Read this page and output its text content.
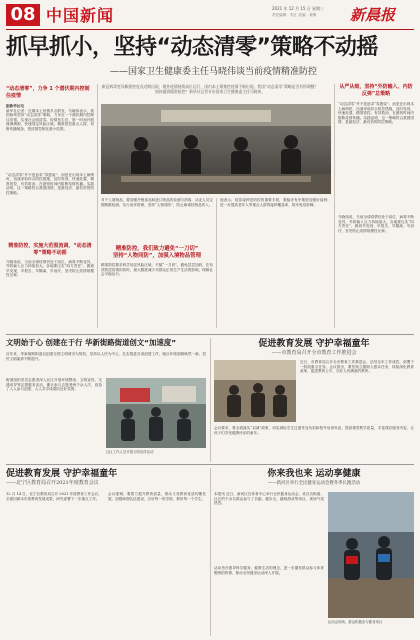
08 中国新闻	2021 年 12 月 15 日 星期三
责任编辑：朱红 美编：姜梅 新晨报
抓早抓小，坚持“动态清零”策略不动摇
——国家卫生健康委主任马晓伟谈当前疫情精准防控
新冠病毒变异株奥密克戎近期出现，境外疫情持续高位运行，国内本土聚集性疫情不断出现。我国“动态清零”策略是否有所调整？如何做到精准防控？新华社记者专访国家卫生健康委主任马晓伟。
“动态清零”，力争 1 个潜伏期内控制住疫情
据新华社电
新华社记者：近期本土疫情多点散发，马晓伟表示，我国始终坚持“动态清零”策略，力争在一个潜伏期内控制住疫情，实现社会面清零。疫情发生后，第一时间开展流调溯源，快速划定风险区域，精准管控重点人群，切断传播链条，把疫情控制在最小范围。
“动态清零”并不是追求“零感染”，而是在出现本土病例时，迅速采取综合防控措施，及时发现、快速处置，精准管控，有效救治，在最短时间内阻断疫情传播。实践证明，这一策略符合我国国情，是最经济、最有效的防控策略。
精准防控，实施大范围流调，“动态清零”策略不动摇
马晓伟说，当前全球疫情仍处于高位，病毒不断变异，外防输入压力持续加大。各地要压实“四方责任”，做到早发现、早报告、早隔离、早治疗，坚决防止疫情规模性反弹。
对于入境物品，要加强冷链食品和进口物品的检测与消毒，从业人员定期核酸检测，实行闭环管理，坚持“人物同防”，防止病毒经物品传入。
精准防控，我们致力避免“一刀切”
坚持“人物同防”，加强入境物品管理
精准防控要求科学划定风险区域，不搞“一刀切”，避免层层加码，在有效防控疫情的同时，最大限度减少对群众正常生产生活的影响，保障社会平稳运行。
他表示，疫苗接种是防控的重要手段，要稳妥有序推进加强针接种，进一步提高老年人等重点人群的接种覆盖率，筑牢免疫屏障。
从严从细，坚持“外防输入、内防反弹”总策略
“动态清零”并不是追求“零感染”，而是在出现本土病例时，迅速采取综合防控措施，及时发现、快速处置，精准管控，有效救治，在最短时间内阻断疫情传播。实践证明，这一策略符合我国国情，是最经济、最有效的防控策略。
马晓伟说，当前全球疫情仍处于高位，病毒不断变异，外防输入压力持续加大。各地要压实“四方责任”，做到早发现、早报告、早隔离、早治疗，坚决防止疫情规模性反弹。
文明始于心 创建在于行 华新街路街道创文“加速度”
近年来，华新街路街道以创建全国文明城市为契机，坚持以人民为中心，扎实推进各项创建工作，辖区环境面貌焕然一新，居民文明素养不断提升。
街道组织党员志愿者深入社区开展环境整治、文明宣传、交通劝导等志愿服务活动，累计参与志愿者两千余人次，营造了人人参与创建、人人共享成果的良好氛围。
社区工作人员开展文明宣传活动
促进教育发展 守护幸福童年
——市教育局召开全市教育工作推进会
近日，市教育局召开全市教育工作推进会，总结全年工作成效，部署下一阶段重点任务。会议指出，要坚持立德树人根本任务，持续深化教育改革，促进教育公平，办好人民满意的教育。
会议要求，要全面落实“双减”政策，切实减轻学生过重作业负担和校外培训负担，提高课堂教学质量，丰富课后服务内容，让孩子们享受健康快乐的童年。
促进教育发展 守护幸福童年
——北宁区教育局召开2021年度教育会议
12 月 14 日，北宁区教育局召开 2021 年度教育工作会议，全面回顾本年度教育发展成果，研究部署下一步重点工作。
会议强调，要着力提升教育质量，推动义务教育优质均衡发展，加强师资队伍建设，办好每一所学校，教好每一个学生。
你来我也来 运动享健康
——新河区举行全民健身运动会暨冬季长跑活动
本报讯 近日，新河区在体育中心举行全民健身运动会，来自各街道、社区的千余名群众参与了长跑、健步走、趣味游戏等项目，现场气氛热烈。
活动旨在倡导科学健身、健康生活的理念，进一步激发群众参与体育锻炼的热情，推动全民健身运动深入开展。
运动会现场，群众积极参与健身项目
